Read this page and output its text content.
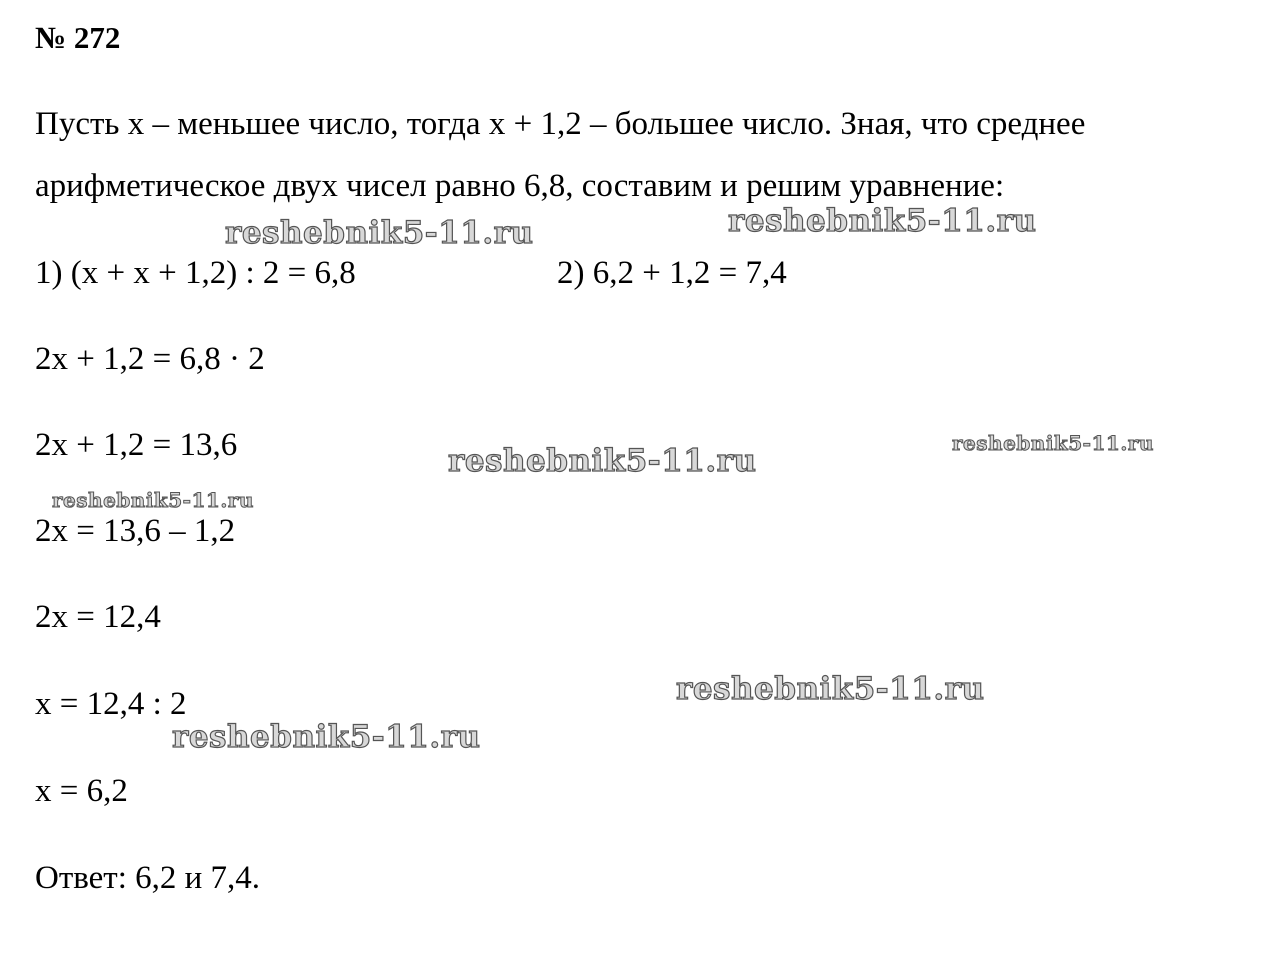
№ 272
Пусть x – меньшее число, тогда x + 1,2 – большее число. Зная, что среднее
арифметическое двух чисел равно 6,8, составим и решим уравнение:
1) (x + x + 1,2) : 2 = 6,8	2) 6,2 + 1,2 = 7,4
2x + 1,2 = 6,8 · 2
2x + 1,2 = 13,6
2x = 13,6 – 1,2
2x = 12,4
x = 12,4 : 2
x = 6,2
Ответ: 6,2 и 7,4.
reshebnik5-11.ru	reshebnik5-11.ru
reshebnik5-11.ru	reshebnik5-11.ru
reshebnik5-11.ru
reshebnik5-11.ru
reshebnik5-11.ru
